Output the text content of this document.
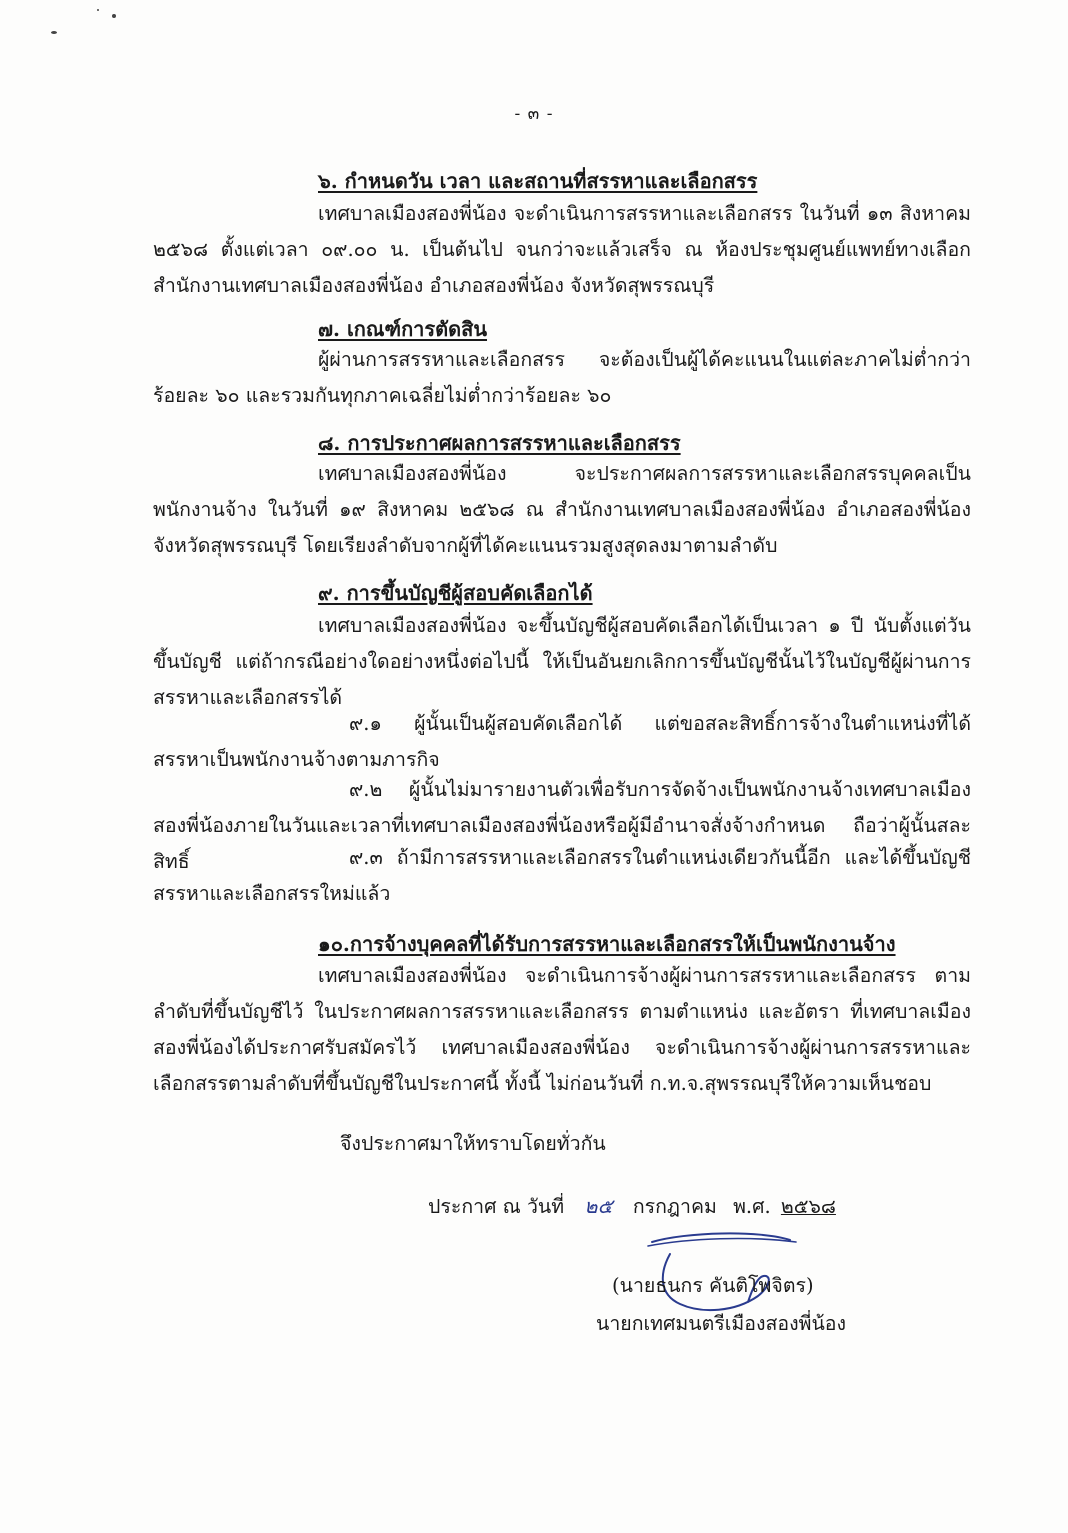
- ๓ -
๖. กำหนดวัน เวลา และสถานที่สรรหาและเลือกสรร
เทศบาลเมืองสองพี่น้อง จะดำเนินการสรรหาและเลือกสรร ในวันที่ ๑๓ สิงหาคม ๒๕๖๘ ตั้งแต่เวลา ๐๙.๐๐ น. เป็นต้นไป จนกว่าจะแล้วเสร็จ ณ ห้องประชุมศูนย์แพทย์ทางเลือก สำนักงานเทศบาลเมืองสองพี่น้อง อำเภอสองพี่น้อง จังหวัดสุพรรณบุรี
๗. เกณฑ์การตัดสิน
ผู้ผ่านการสรรหาและเลือกสรร จะต้องเป็นผู้ได้คะแนนในแต่ละภาคไม่ต่ำกว่าร้อยละ ๖๐ และรวมกันทุกภาคเฉลี่ยไม่ต่ำกว่าร้อยละ ๖๐
๘. การประกาศผลการสรรหาและเลือกสรร
เทศบาลเมืองสองพี่น้อง จะประกาศผลการสรรหาและเลือกสรรบุคคลเป็นพนักงานจ้าง ในวันที่ ๑๙ สิงหาคม ๒๕๖๘ ณ สำนักงานเทศบาลเมืองสองพี่น้อง อำเภอสองพี่น้อง จังหวัดสุพรรณบุรี โดยเรียงลำดับจากผู้ที่ได้คะแนนรวมสูงสุดลงมาตามลำดับ
๙. การขึ้นบัญชีผู้สอบคัดเลือกได้
เทศบาลเมืองสองพี่น้อง จะขึ้นบัญชีผู้สอบคัดเลือกได้เป็นเวลา ๑ ปี นับตั้งแต่วันขึ้นบัญชี แต่ถ้ากรณีอย่างใดอย่างหนึ่งต่อไปนี้ ให้เป็นอันยกเลิกการขึ้นบัญชีนั้นไว้ในบัญชีผู้ผ่านการสรรหาและเลือกสรรได้
๙.๑ ผู้นั้นเป็นผู้สอบคัดเลือกได้ แต่ขอสละสิทธิ์การจ้างในตำแหน่งที่ได้สรรหาเป็นพนักงานจ้างตามภารกิจ
๙.๒ ผู้นั้นไม่มารายงานตัวเพื่อรับการจัดจ้างเป็นพนักงานจ้างเทศบาลเมืองสองพี่น้องภายในวันและเวลาที่เทศบาลเมืองสองพี่น้องหรือผู้มีอำนาจสั่งจ้างกำหนด ถือว่าผู้นั้นสละสิทธิ์	๙.๓ ถ้ามีการสรรหาและเลือกสรรในตำแหน่งเดียวกันนี้อีก และได้ขึ้นบัญชีสรรหาและเลือกสรรใหม่แล้ว
๑๐.การจ้างบุคคลที่ได้รับการสรรหาและเลือกสรรให้เป็นพนักงานจ้าง
เทศบาลเมืองสองพี่น้อง จะดำเนินการจ้างผู้ผ่านการสรรหาและเลือกสรร ตามลำดับที่ขึ้นบัญชีไว้ ในประกาศผลการสรรหาและเลือกสรร ตามตำแหน่ง และอัตรา ที่เทศบาลเมืองสองพี่น้องได้ประกาศรับสมัครไว้ เทศบาลเมืองสองพี่น้อง จะดำเนินการจ้างผู้ผ่านการสรรหาและเลือกสรรตามลำดับที่ขึ้นบัญชีในประกาศนี้ ทั้งนี้ ไม่ก่อนวันที่ ก.ท.จ.สุพรรณบุรีให้ความเห็นชอบ
จึงประกาศมาให้ทราบโดยทั่วกัน
ประกาศ ณ วันที่ ๒๕ กรกฎาคม พ.ศ. ๒๕๖๘
(นายธนกร คันติโพจิตร)
นายกเทศมนตรีเมืองสองพี่น้อง
